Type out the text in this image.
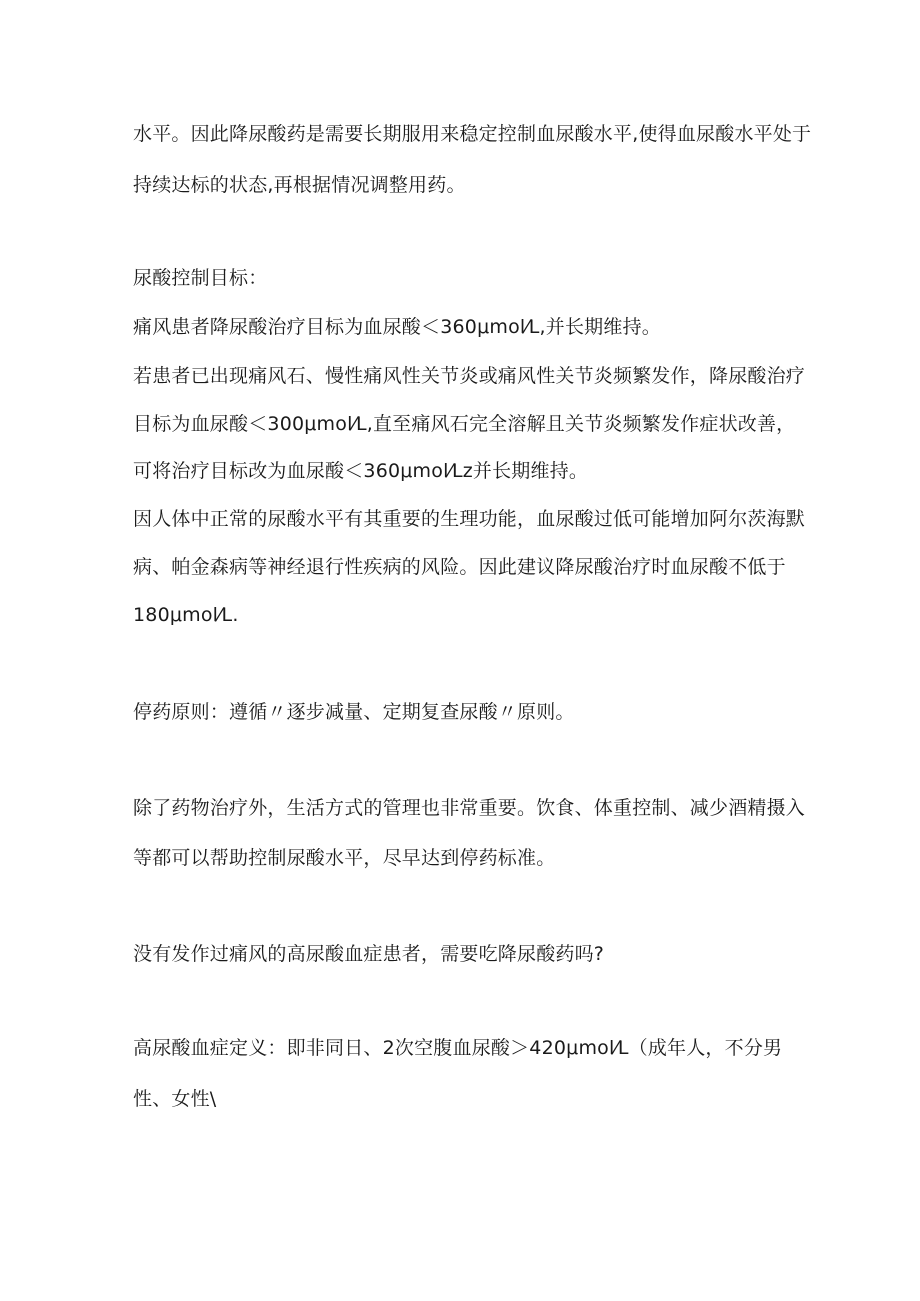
水平。因此降尿酸药是需要长期服用来稳定控制血尿酸水平,使得血尿酸水平处于

持续达标的状态,再根据情况调整用药。

尿酸控制目标：

痛风患者降尿酸治疗目标为血尿酸＜360μmol⁄L,并长期维持。

若患者已出现痛风石、慢性痛风性关节炎或痛风性关节炎频繁发作，降尿酸治疗

目标为血尿酸＜300μmol⁄L,直至痛风石完全溶解且关节炎频繁发作症状改善，

可将治疗目标改为血尿酸＜360μmol⁄Lz并长期维持。

因人体中正常的尿酸水平有其重要的生理功能，血尿酸过低可能增加阿尔茨海默

病、帕金森病等神经退行性疾病的风险。因此建议降尿酸治疗时血尿酸不低于

180μmol⁄L.

停药原则：遵循〃逐步减量、定期复查尿酸〃原则。

除了药物治疗外，生活方式的管理也非常重要。饮食、体重控制、减少酒精摄入

等都可以帮助控制尿酸水平，尽早达到停药标准。

没有发作过痛风的高尿酸血症患者，需要吃降尿酸药吗?

高尿酸血症定义：即非同日、2次空腹血尿酸＞420μmol⁄L（成年人，不分男

性、女性\
